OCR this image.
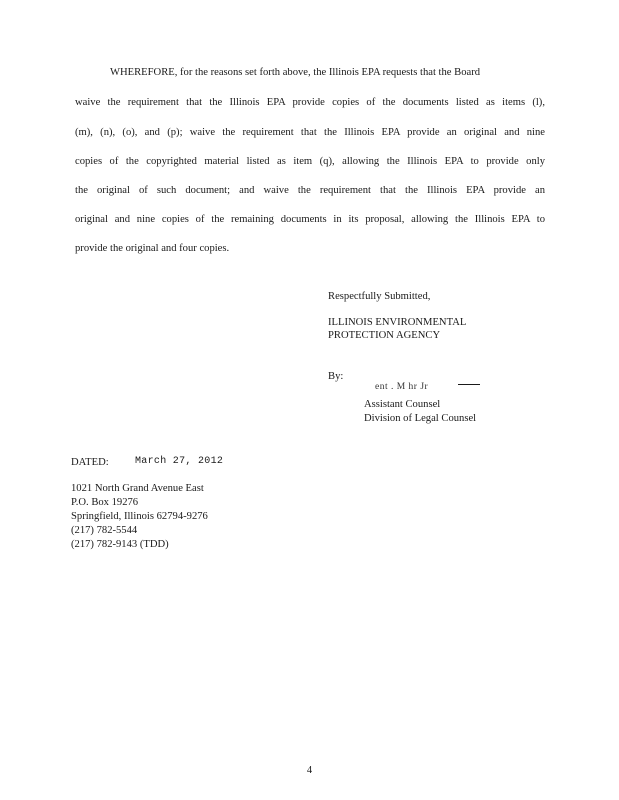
WHEREFORE, for the reasons set forth above, the Illinois EPA requests that the Board
waive the requirement that the Illinois EPA provide copies of the documents listed as items (l),
(m), (n), (o), and (p); waive the requirement that the Illinois EPA provide an original and nine
copies of the copyrighted material listed as item (q), allowing the Illinois EPA to provide only
the original of such document; and waive the requirement that the Illinois EPA provide an
original and nine copies of the remaining documents in its proposal, allowing the Illinois EPA to
provide the original and four copies.
Respectfully Submitted,
ILLINOIS ENVIRONMENTAL
PROTECTION AGENCY
By:
ent . M hr Jr
Assistant Counsel
Division of Legal Counsel
DATED:	March 27, 2012
1021 North Grand Avenue East
P.O. Box 19276
Springfield, Illinois 62794-9276
(217) 782-5544
(217) 782-9143 (TDD)
4
